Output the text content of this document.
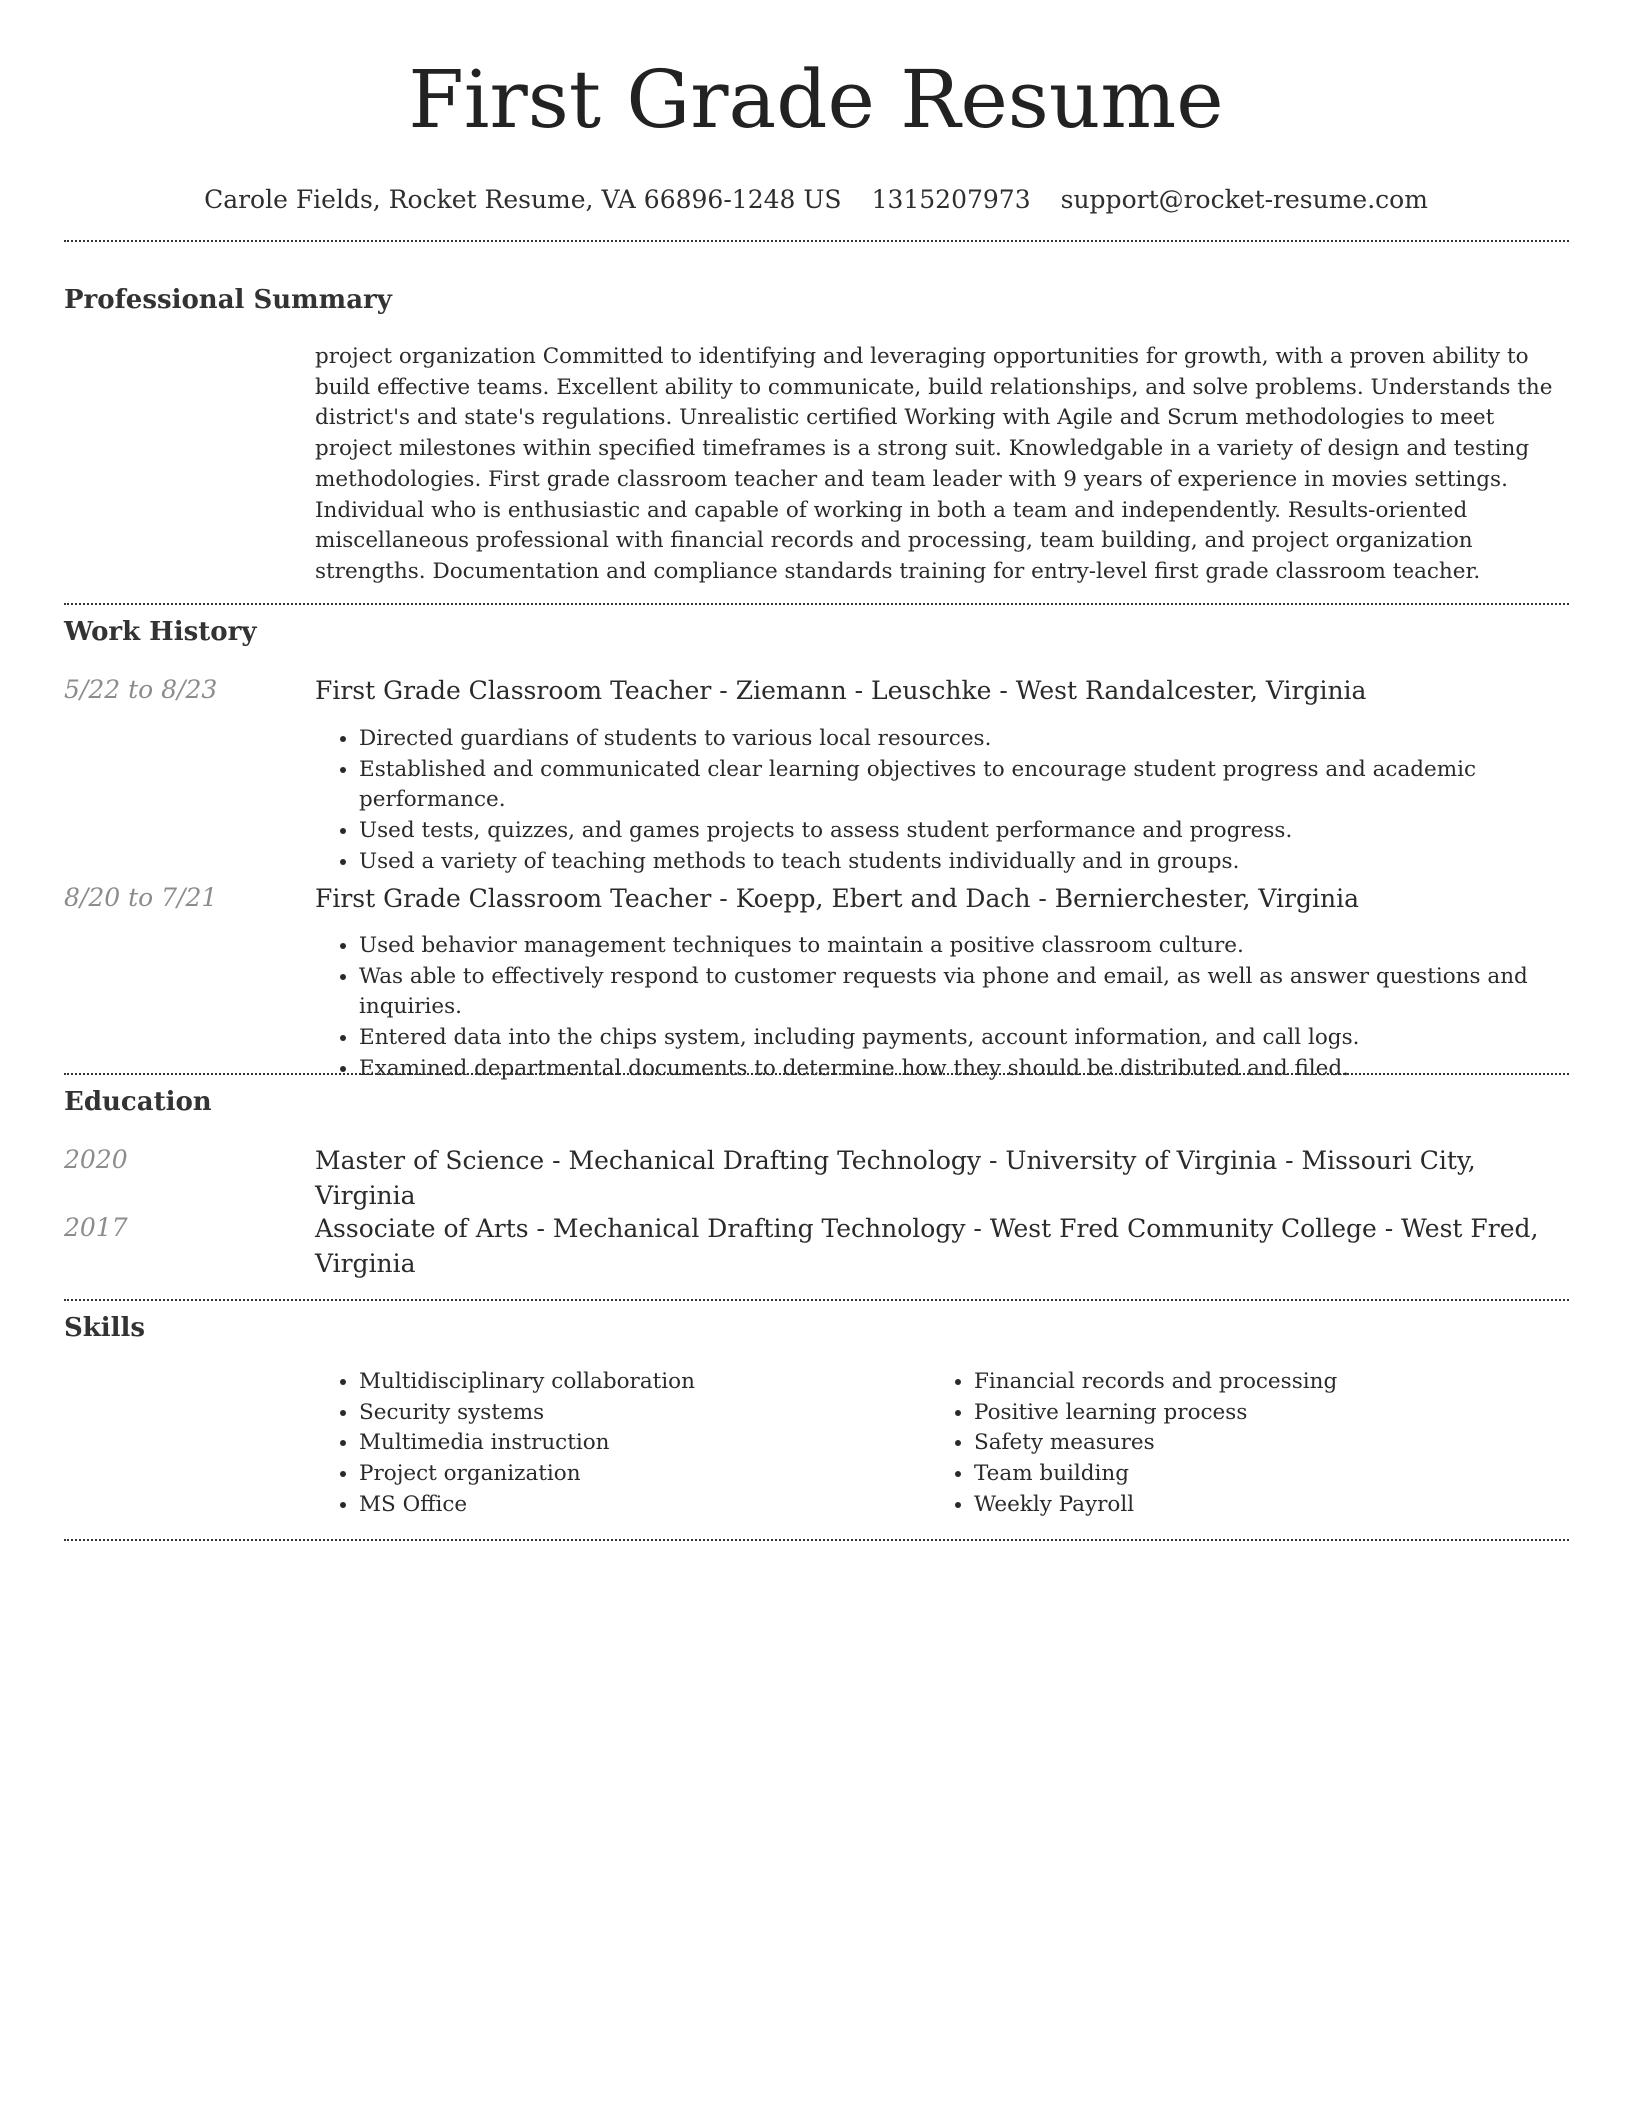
First Grade Resume
Carole Fields, Rocket Resume, VA 66896-1248 US 1315207973 support@rocket-resume.com
Professional Summary

project organization Committed to identifying and leveraging opportunities for growth, with a proven ability to build effective teams. Excellent ability to communicate, build relationships, and solve problems. Understands the district's and state's regulations. Unrealistic certified Working with Agile and Scrum methodologies to meet project milestones within specified timeframes is a strong suit. Knowledgable in a variety of design and testing methodologies. First grade classroom teacher and team leader with 9 years of experience in movies settings. Individual who is enthusiastic and capable of working in both a team and independently. Results-oriented miscellaneous professional with financial records and processing, team building, and project organization strengths. Documentation and compliance standards training for entry-level first grade classroom teacher.

Work History
5/22 to 8/23	First Grade Classroom Teacher - Ziemann - Leuschke - West Randalcester, Virginia
• Directed guardians of students to various local resources.
• Established and communicated clear learning objectives to encourage student progress and academic performance.
• Used tests, quizzes, and games projects to assess student performance and progress.
• Used a variety of teaching methods to teach students individually and in groups.
8/20 to 7/21	First Grade Classroom Teacher - Koepp, Ebert and Dach - Bernierchester, Virginia
• Used behavior management techniques to maintain a positive classroom culture.
• Was able to effectively respond to customer requests via phone and email, as well as answer questions and inquiries.
• Entered data into the chips system, including payments, account information, and call logs.
• Examined departmental documents to determine how they should be distributed and filed.
Education
2020	Master of Science - Mechanical Drafting Technology - University of Virginia - Missouri City, Virginia
2017	Associate of Arts - Mechanical Drafting Technology - West Fred Community College - West Fred, Virginia
Skills
• Multidisciplinary collaboration
• Security systems
• Multimedia instruction
• Project organization
• MS Office
• Financial records and processing
• Positive learning process
• Safety measures
• Team building
• Weekly Payroll
